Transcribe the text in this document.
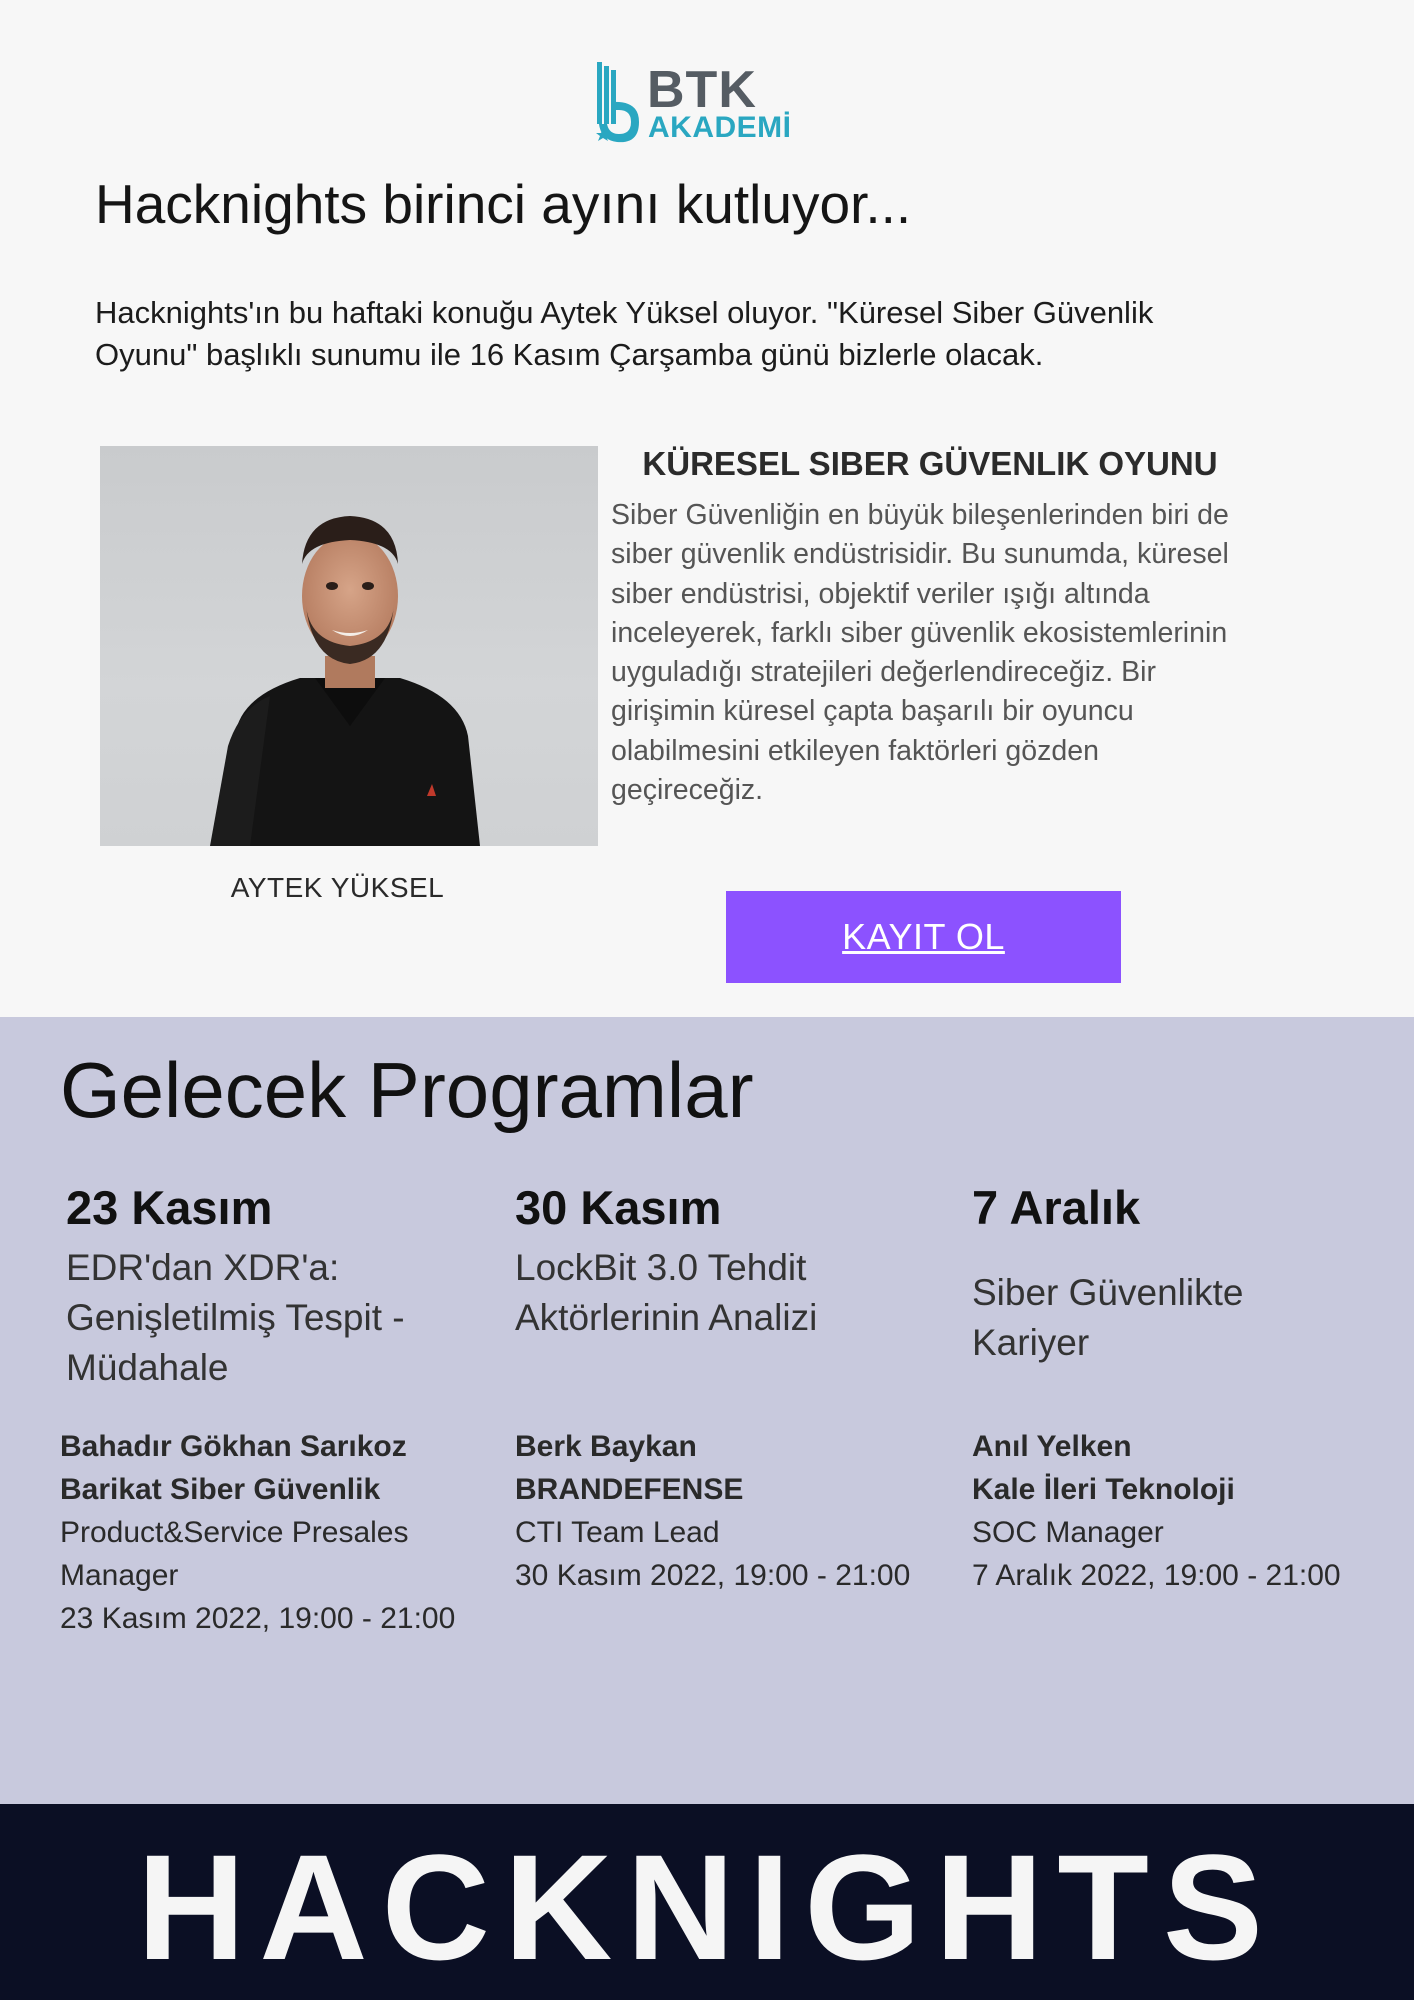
BTK
AKADEMİ
Hacknights birinci ayını kutluyor...

Hacknights'ın bu haftaki konuğu Aytek Yüksel oluyor. "Küresel Siber Güvenlik Oyunu" başlıklı sunumu ile 16 Kasım Çarşamba günü bizlerle olacak.

AYTEK YÜKSEL
KÜRESEL SIBER GÜVENLIK OYUNU

Siber Güvenliğin en büyük bileşenlerinden biri de siber güvenlik endüstrisidir. Bu sunumda, küresel siber endüstrisi, objektif veriler ışığı altında inceleyerek, farklı siber güvenlik ekosistemlerinin uyguladığı stratejileri değerlendireceğiz. Bir girişimin küresel çapta başarılı bir oyuncu olabilmesini etkileyen faktörleri gözden geçireceğiz.

KAYIT OL
Gelecek Programlar
23 Kasım
EDR'dan XDR'a: Genişletilmiş Tespit - Müdahale
Bahadır Gökhan Sarıkoz
Barikat Siber Güvenlik
Product&Service Presales Manager
23 Kasım 2022, 19:00 - 21:00
30 Kasım
LockBit 3.0 Tehdit Aktörlerinin Analizi
Berk Baykan
BRANDEFENSE
CTI Team Lead
30 Kasım 2022, 19:00 - 21:00
7 Aralık
Siber Güvenlikte Kariyer
Anıl Yelken
Kale İleri Teknoloji
SOC Manager
7 Aralık 2022, 19:00 - 21:00
HACKNIGHTS
